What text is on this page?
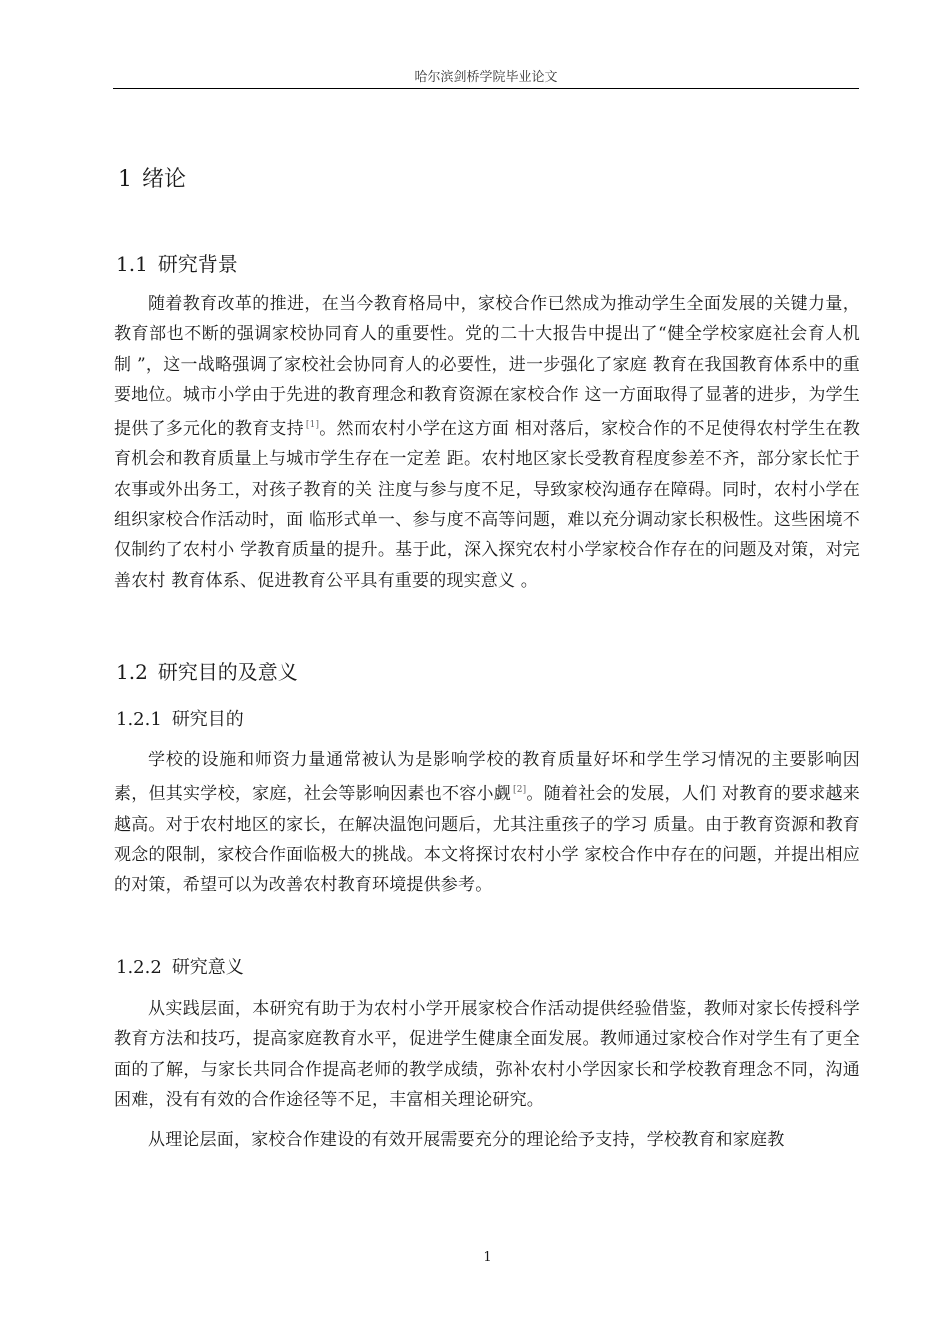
哈尔滨剑桥学院毕业论文
1 绪论
1.1 研究背景

随着教育改革的推进，在当今教育格局中，家校合作已然成为推动学生全面发展的关键力量，教育部也不断的强调家校协同育人的重要性。党的二十大报告中提出了“健全学校家庭社会育人机制 ”，这一战略强调了家校社会协同育人的必要性，进一步强化了家庭 教育在我国教育体系中的重要地位。城市小学由于先进的教育理念和教育资源在家校合作 这一方面取得了显著的进步，为学生提供了多元化的教育支持 [1]。然而农村小学在这方面 相对落后，家校合作的不足使得农村学生在教育机会和教育质量上与城市学生存在一定差 距。农村地区家长受教育程度参差不齐，部分家长忙于农事或外出务工，对孩子教育的关 注度与参与度不足，导致家校沟通存在障碍。同时，农村小学在组织家校合作活动时，面 临形式单一、参与度不高等问题，难以充分调动家长积极性。这些困境不仅制约了农村小 学教育质量的提升。基于此，深入探究农村小学家校合作存在的问题及对策，对完善农村 教育体系、促进教育公平具有重要的现实意义 。

1.2 研究目的及意义
1.2.1 研究目的

学校的设施和师资力量通常被认为是影响学校的教育质量好坏和学生学习情况的主要影响因素，但其实学校，家庭，社会等影响因素也不容小觑 [2]。随着社会的发展，人们 对教育的要求越来越高。对于农村地区的家长，在解决温饱问题后，尤其注重孩子的学习 质量。由于教育资源和教育观念的限制，家校合作面临极大的挑战。本文将探讨农村小学 家校合作中存在的问题，并提出相应的对策，希望可以为改善农村教育环境提供参考。

1.2.2 研究意义

从实践层面，本研究有助于为农村小学开展家校合作活动提供经验借鉴，教师对家长传授科学教育方法和技巧，提高家庭教育水平，促进学生健康全面发展。教师通过家校合作对学生有了更全面的了解，与家长共同合作提高老师的教学成绩，弥补农村小学因家长和学校教育理念不同，沟通困难，没有有效的合作途径等不足，丰富相关理论研究。

从理论层面，家校合作建设的有效开展需要充分的理论给予支持，学校教育和家庭教

1
